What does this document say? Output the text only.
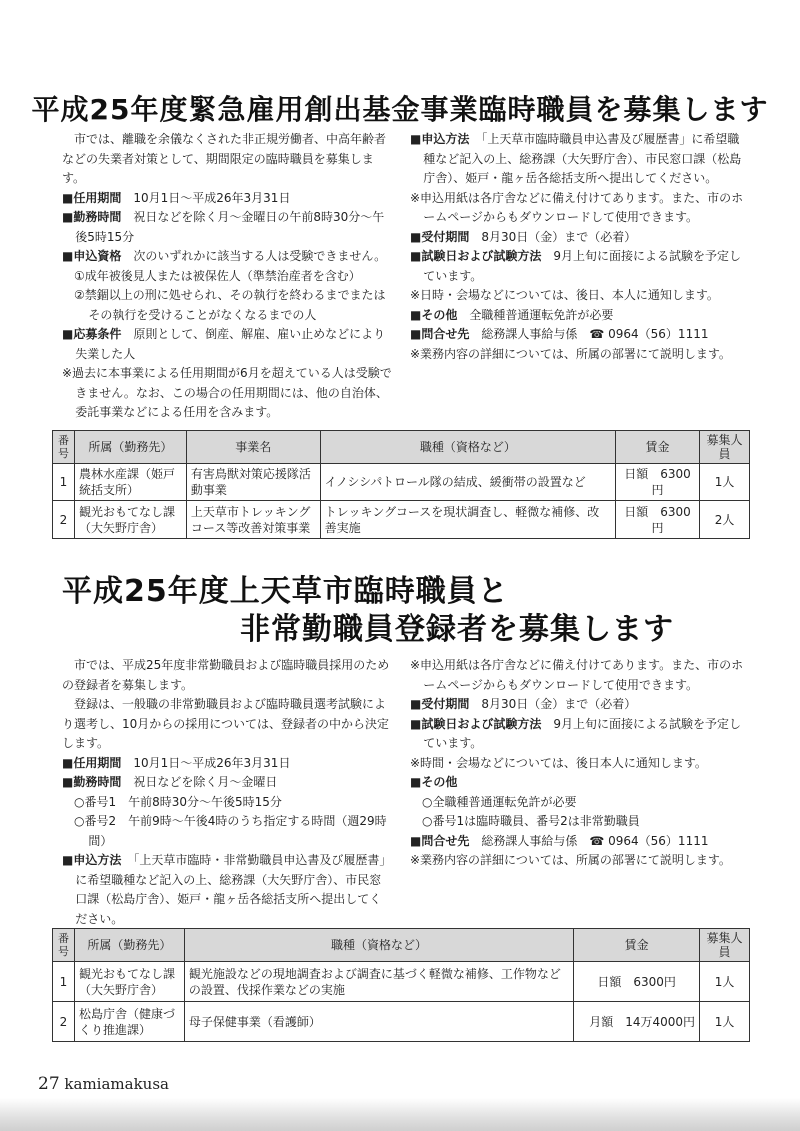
平成25年度緊急雇用創出基金事業臨時職員を募集します

市では、離職を余儀なくされた非正規労働者、中高年齢者などの失業者対策として、期間限定の臨時職員を募集します。

■任用期間　 10月1日～平成26年3月31日

■勤務時間　 祝日などを除く月～金曜日の午前8時30分～午後5時15分

■申込資格　 次のいずれかに該当する人は受験できません。

①成年被後見人または被保佐人（準禁治産者を含む）

②禁錮以上の刑に処せられ、その執行を終わるまでまたはその執行を受けることがなくなるまでの人

■応募条件　 原則として、倒産、解雇、雇い止めなどにより失業した人

※過去に本事業による任用期間が6月を超えている人は受験できません。なお、この場合の任用期間には、他の自治体、委託事業などによる任用を含みます。

■申込方法　 「上天草市臨時職員申込書及び履歴書」に希望職種など記入の上、総務課（大矢野庁舎）、市民窓口課（松島庁舎）、姫戸・龍ヶ岳各総括支所へ提出してください。

※申込用紙は各庁舎などに備え付けてあります。また、市のホームページからもダウンロードして使用できます。

■受付期間　 8月30日（金）まで（必着）

■試験日および試験方法　 9月上旬に面接による試験を予定しています。

※日時・会場などについては、後日、本人に通知します。

■その他　 全職種普通運転免許が必要

■問合せ先　 総務課人事給与係　☎ 0964（56）1111

※業務内容の詳細については、所属の部署にて説明します。

番号	所属（勤務先）	事業名	職種（資格など）	賃金	募集人員
1	農林水産課（姫戸統括支所）	有害鳥獣対策応援隊活動事業	イノシシパトロール隊の結成、緩衝帯の設置など	日額　6300円	1人
2	観光おもてなし課（大矢野庁舎）	上天草市トレッキングコース等改善対策事業	トレッキングコースを現状調査し、軽微な補修、改善実施	日額　6300円	2人
平成25年度上天草市臨時職員と
非常勤職員登録者を募集します

市では、平成25年度非常勤職員および臨時職員採用のための登録者を募集します。

登録は、一般職の非常勤職員および臨時職員選考試験により選考し、10月からの採用については、登録者の中から決定します。

■任用期間　 10月1日～平成26年3月31日

■勤務時間　 祝日などを除く月～金曜日

○番号1　午前8時30分～午後5時15分

○番号2　午前9時～午後4時のうち指定する時間（週29時間）

■申込方法　 「上天草市臨時・非常勤職員申込書及び履歴書」に希望職種など記入の上、総務課（大矢野庁舎）、市民窓口課（松島庁舎）、姫戸・龍ヶ岳各総括支所へ提出してください。

※申込用紙は各庁舎などに備え付けてあります。また、市のホームページからもダウンロードして使用できます。

■受付期間　 8月30日（金）まで（必着）

■試験日および試験方法　 9月上旬に面接による試験を予定しています。

※時間・会場などについては、後日本人に通知します。

■その他　

○全職種普通運転免許が必要

○番号1は臨時職員、番号2は非常勤職員

■問合せ先　 総務課人事給与係　☎ 0964（56）1111

※業務内容の詳細については、所属の部署にて説明します。

番号	所属（勤務先）	職種（資格など）	賃金	募集人員
1	観光おもてなし課（大矢野庁舎）	観光施設などの現地調査および調査に基づく軽微な補修、工作物などの設置、伐採作業などの実施	日額　6300円	1人
2	松島庁舎（健康づくり推進課）	母子保健事業（看護師）	月額　14万4000円	1人
27 kamiamakusa
